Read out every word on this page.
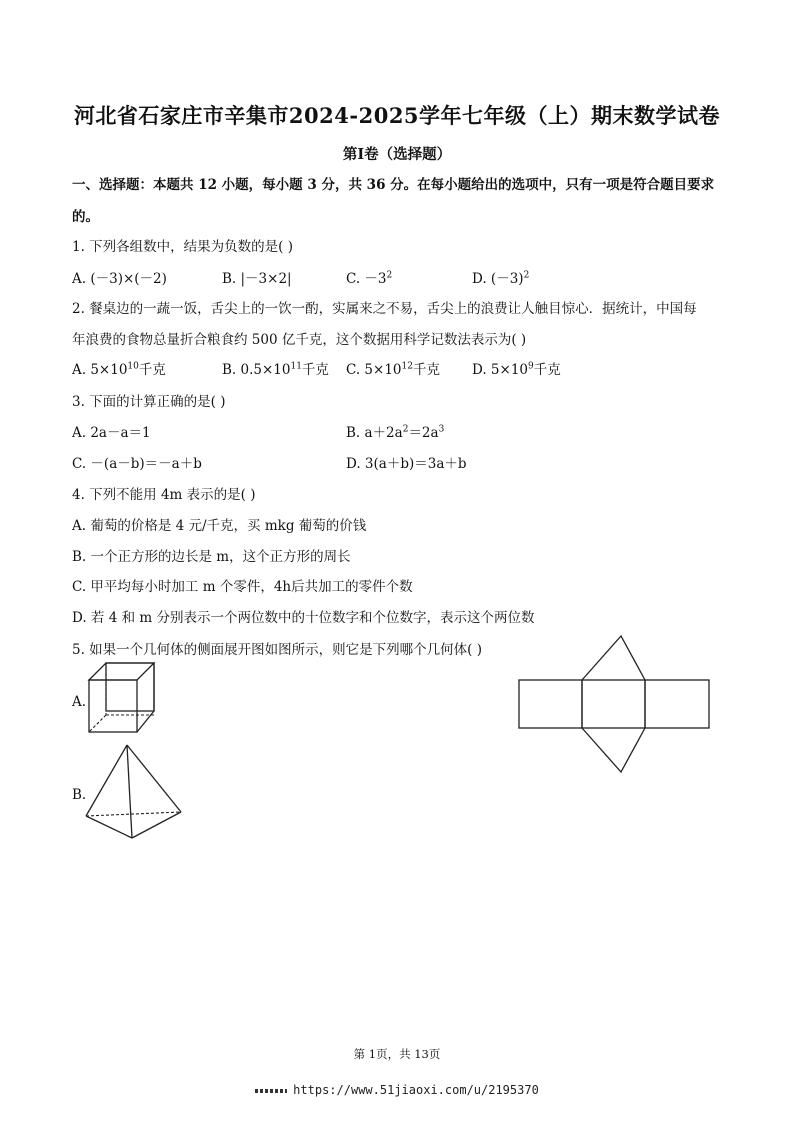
河北省石家庄市辛集市2024-2025学年七年级（上）期末数学试卷
第Ⅰ卷（选择题）
一、选择题：本题共 12 小题，每小题 3 分，共 36 分。在每小题给出的选项中，只有一项是符合题目要求
的。
1. 下列各组数中，结果为负数的是( )
A. (－3)×(－2)	B. |－3×2|	C. $-3^2$	D. $(-3)^2$
2. 餐桌边的一蔬一饭，舌尖上的一饮一酌，实属来之不易，舌尖上的浪费让人触目惊心．据统计，中国每
年浪费的食物总量折合粮食约 500 亿千克，这个数据用科学记数法表示为( )
A. $5\times 10^{10}$千克	B. $0.5\times 10^{11}$千克 C. $5\times 10^{12}$千克 D. $5\times 10^9$千克
3. 下面的计算正确的是( )
A. 2a－a＝1	B. $a+2a^2=2a^3$
C. －(a－b)＝－a＋b	D. 3(a＋b)＝3a＋b
4. 下列不能用 4m 表示的是( )
A. 葡萄的价格是 4 元/千克，买 mkg 葡萄的价钱
B. 一个正方形的边长是 m，这个正方形的周长
C. 甲平均每小时加工 m 个零件，4h后共加工的零件个数
D. 若 4 和 m 分别表示一个两位数中的十位数字和个位数字，表示这个两位数
5. 如果一个几何体的侧面展开图如图所示，则它是下列哪个几何体( )
A.
B.
第 1页，共 13页
https://www.51jiaoxi.com/u/2195370
